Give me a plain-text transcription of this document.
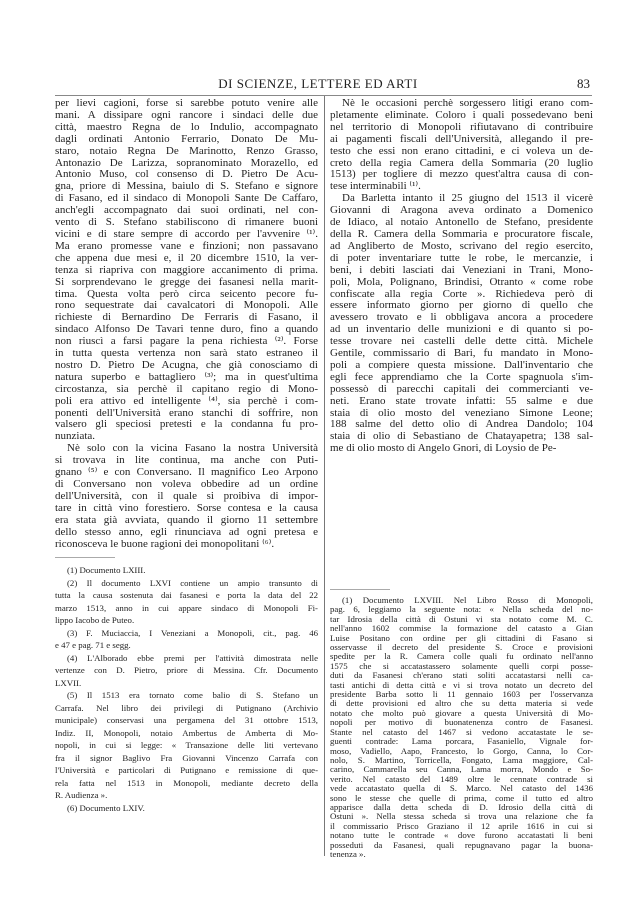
DI SCIENZE, LETTERE ED ARTI	83
per lievi cagioni, forse si sarebbe potuto venire alle
mani. A dissipare ogni rancore i sindaci delle due
città, maestro Regna de lo Indulio, accompagnato
dagli ordinati Antonio Ferrario, Donato De Mu-
staro, notaio Regna De Marinotto, Renzo Grasso,
Antonazio De Larizza, sopranominato Morazello, ed
Antonio Muso, col consenso di D. Pietro De Acu-
gna, priore di Messina, baiulo di S. Stefano e signore
di Fasano, ed il sindaco di Monopoli Sante De Caffaro,
anch'egli accompagnato dai suoi ordinati, nel con-
vento di S. Stefano stabiliscono di rimanere buoni
vicini e di stare sempre di accordo per l'avvenire ⁽¹⁾.
Ma erano promesse vane e finzioni; non passavano
che appena due mesi e, il 20 dicembre 1510, la ver-
tenza si riapriva con maggiore accanimento di prima.
Si sorprendevano le gregge dei fasanesi nella marit-
tima. Questa volta però circa seicento pecore fu-
rono sequestrate dai cavalcatori di Monopoli. Alle
richieste di Bernardino De Ferraris di Fasano, il
sindaco Alfonso De Tavari tenne duro, fino a quando
non riuscì a farsi pagare la pena richiesta ⁽²⁾. Forse
in tutta questa vertenza non sarà stato estraneo il
nostro D. Pietro De Acugna, che già conosciamo di
natura superbo e battagliero ⁽³⁾; ma in quest'ultima
circostanza, sia perchè il capitano regio di Mono-
poli era attivo ed intelligente ⁽⁴⁾, sia perchè i com-
ponenti dell'Università erano stanchi di soffrire, non
valsero gli speciosi pretesti e la condanna fu pro-
nunziata.
Nè solo con la vicina Fasano la nostra Università
si trovava in lite continua, ma anche con Puti-
gnano ⁽⁵⁾ e con Conversano. Il magnifico Leo Arpono
di Conversano non voleva obbedire ad un ordine
dell'Università, con il quale si proibiva di impor-
tare in città vino forestiero. Sorse contesa e la causa
era stata già avviata, quando il giorno 11 settembre
dello stesso anno, egli rinunciava ad ogni pretesa e
riconosceva le buone ragioni dei monopolitani ⁽⁶⁾.
(1) Documento LXIII.
(2) Il documento LXVI contiene un ampio transunto di
tutta la causa sostenuta dai fasanesi e porta la data del 22
marzo 1513, anno in cui appare sindaco di Monopoli Fi-
lippo Iacobo de Puteo.
(3) F. Muciaccia, I Veneziani a Monopoli, cit., pag. 46
e 47 e pag. 71 e segg.
(4) L'Alborado ebbe premi per l'attività dimostrata nelle
vertenze con D. Pietro, priore di Messina. Cfr. Documento
LXVII.
(5) Il 1513 era tornato come balio di S. Stefano un
Carrafa. Nel libro dei privilegi di Putignano (Archivio
municipale) conservasi una pergamena del 31 ottobre 1513,
Indiz. II, Monopoli, notaio Ambertus de Amberta di Mo-
nopoli, in cui si legge: « Transazione delle liti vertevano
fra il signor Baglivo Fra Giovanni Vincenzo Carrafa con
l'Università e particolari di Putignano e remissione di que-
rela fatta nel 1513 in Monopoli, mediante decreto della
R. Audienza ».
(6) Documento LXIV.
Nè le occasioni perchè sorgessero litigi erano com-
pletamente eliminate. Coloro i quali possedevano beni
nel territorio di Monopoli rifiutavano di contribuire
ai pagamenti fiscali dell'Università, allegando il pre-
testo che essi non erano cittadini, e ci voleva un de-
creto della regia Camera della Sommaria (20 luglio
1513) per togliere di mezzo quest'altra causa di con-
tese interminabili ⁽¹⁾.
Da Barletta intanto il 25 giugno del 1513 il vicerè
Giovanni di Aragona aveva ordinato a Domenico
de Idiaco, al notaio Antonello de Stefano, presidente
della R. Camera della Sommaria e procuratore fiscale,
ad Angliberto de Mosto, scrivano del regio esercito,
di poter inventariare tutte le robe, le mercanzie, i
beni, i debiti lasciati dai Veneziani in Trani, Mono-
poli, Mola, Polignano, Brindisi, Otranto « come robe
confiscate alla regia Corte ». Richiedeva però di
essere informato giorno per giorno di quello che
avessero trovato e li obbligava ancora a procedere
ad un inventario delle munizioni e di quanto si po-
tesse trovare nei castelli delle dette città. Michele
Gentile, commissario di Bari, fu mandato in Mono-
poli a compiere questa missione. Dall'inventario che
egli fece apprendiamo che la Corte spagnuola s'im-
possessò di parecchi capitali dei commercianti ve-
neti. Erano state trovate infatti: 55 salme e due
staia di olio mosto del veneziano Simone Leone;
188 salme del detto olio di Andrea Dandolo; 104
staia di olio di Sebastiano de Chatayapetra; 138 sal-
me di olio mosto di Angelo Gnori, di Loysio de Pe-
(1) Documento LXVIII. Nel Libro Rosso di Monopoli,
pag. 6, leggiamo la seguente nota: « Nella scheda del no-
tar Idrosia della città di Ostuni vi sta notato come M. C.
nell'anno 1602 commise la formazione del catasto a Gian
Luise Positano con ordine per gli cittadini di Fasano si
osservasse il decreto del presidente S. Croce e provisioni
spedite per la R. Camera colle quali fu ordinato nell'anno
1575 che si accatastassero solamente quelli corpi posse-
duti da Fasanesi ch'erano stati soliti accatastarsi nelli ca-
tasti antichi di detta città e vi si trova notato un decreto del
presidente Barba sotto li 11 gennaio 1603 per l'osservanza
di dette provisioni ed altro che su detta materia si vede
notato che molto può giovare a questa Università di Mo-
nopoli per motivo di buonatenenza contro de Fasanesi.
Stante nel catasto del 1467 si vedono accatastate le se-
guenti contrade: Lama porcara, Fasaniello, Vignale for-
moso, Vadiello, Aapo, Francesto, lo Gorgo, Canna, lo Cor-
nolo, S. Martino, Torricella, Fongato, Lama maggiore, Cal-
carino, Cammarella seu Canna, Lama morra, Mondo e So-
verito. Nel catasto del 1489 oltre le cennate contrade si
vede accatastato quella di S. Marco. Nel catasto del 1436
sono le stesse che quelle di prima, come il tutto ed altro
apparisce dalla detta scheda di D. Idrosio della città di
Ostuni ». Nella stessa scheda si trova una relazione che fa
il commissario Prisco Graziano il 12 aprile 1616 in cui si
notano tutte le contrade « dove furono accatastati li beni
posseduti da Fasanesi, quali repugnavano pagar la buona-
tenenza ».
